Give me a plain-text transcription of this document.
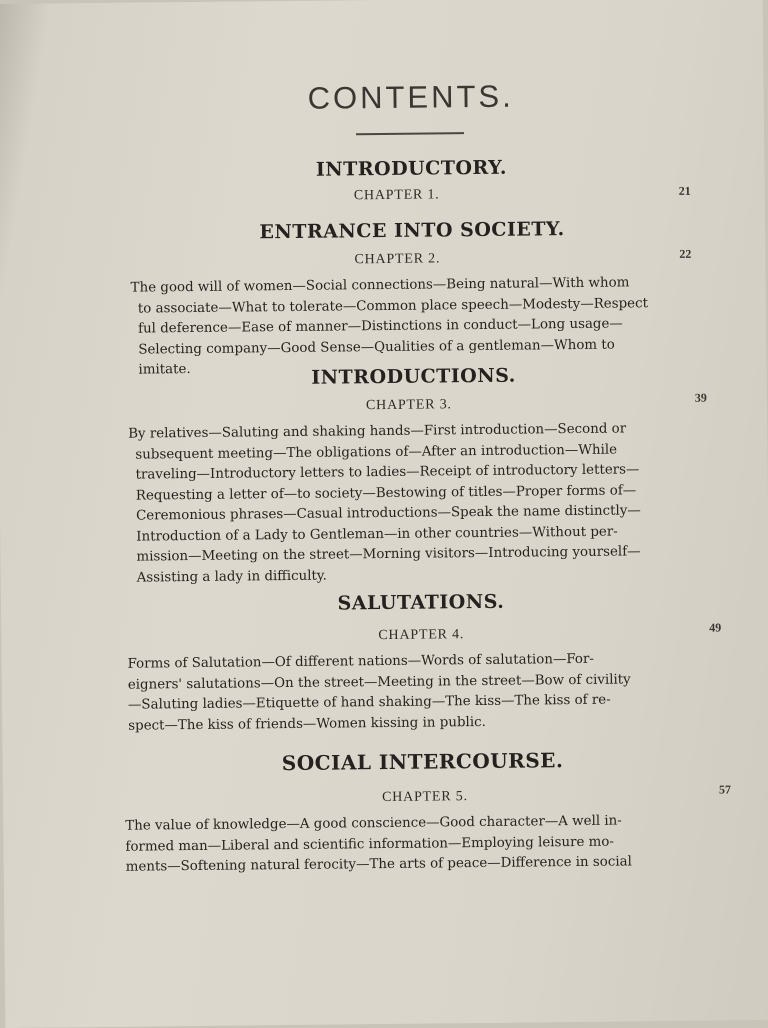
CONTENTS.
INTRODUCTORY.
CHAPTER 1.	21
ENTRANCE INTO SOCIETY.
CHAPTER 2.	22
The good will of women—Social connections—Being natural—With whom
to associate—What to tolerate—Common place speech—Modesty—Respect
ful deference—Ease of manner—Distinctions in conduct—Long usage—
Selecting company—Good Sense—Qualities of a gentleman—Whom to
imitate.	INTRODUCTIONS.
CHAPTER 3.	39
By relatives—Saluting and shaking hands—First introduction—Second or
subsequent meeting—The obligations of—After an introduction—While
traveling—Introductory letters to ladies—Receipt of introductory letters—
Requesting a letter of—to society—Bestowing of titles—Proper forms of—
Ceremonious phrases—Casual introductions—Speak the name distinctly—
Introduction of a Lady to Gentleman—in other countries—Without per-
mission—Meeting on the street—Morning visitors—Introducing yourself—
Assisting a lady in difficulty.
SALUTATIONS.
CHAPTER 4.	49
Forms of Salutation—Of different nations—Words of salutation—For-
eigners' salutations—On the street—Meeting in the street—Bow of civility
—Saluting ladies—Etiquette of hand shaking—The kiss—The kiss of re-
spect—The kiss of friends—Women kissing in public.
SOCIAL INTERCOURSE.
CHAPTER 5.	57
The value of knowledge—A good conscience—Good character—A well in-
formed man—Liberal and scientific information—Employing leisure mo-
ments—Softening natural ferocity—The arts of peace—Difference in social
